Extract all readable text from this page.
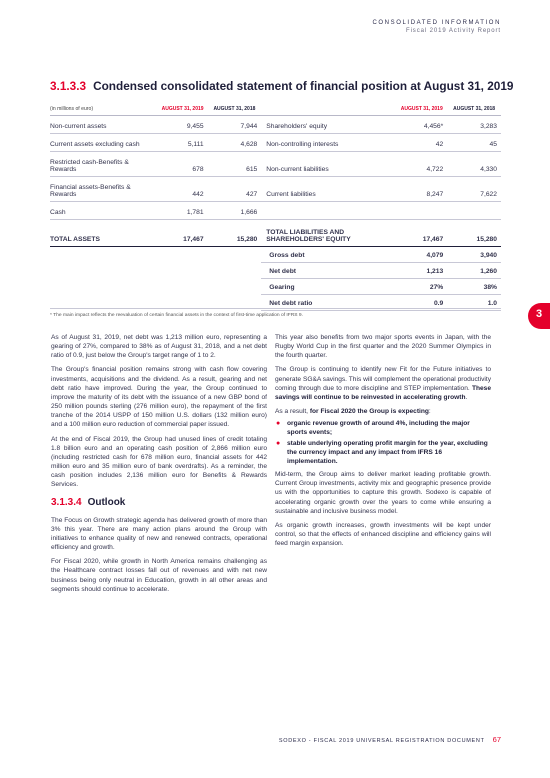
CONSOLIDATED INFORMATION
Fiscal 2019 Activity Report
3.1.3.3 Condensed consolidated statement of financial position at August 31, 2019
(in millions of euro)	AUGUST 31, 2019	AUGUST 31, 2018		AUGUST 31, 2019	AUGUST 31, 2018
Non-current assets	9,455	7,944	Shareholders' equity	4,456*	3,283
Current assets excluding cash	5,111	4,628	Non-controlling interests	42	45
Restricted cash-Benefits & Rewards	678	615	Non-current liabilities	4,722	4,330
Financial assets-Benefits & Rewards	442	427	Current liabilities	8,247	7,622
Cash	1,781	1,666			
TOTAL ASSETS	17,467	15,280	TOTAL LIABILITIES AND SHAREHOLDERS' EQUITY	17,467	15,280
			Gross debt	4,079	3,940
			Net debt	1,213	1,260
			Gearing	27%	38%
			Net debt ratio	0.9	1.0
* The main impact reflects the reevaluation of certain financial assets in the context of first-time application of IFRS 9.	3

As of August 31, 2019, net debt was 1,213 million euro, representing a gearing of 27%, compared to 38% as of August 31, 2018, and a net debt ratio of 0.9, just below the Group's target range of 1 to 2.

The Group's financial position remains strong with cash flow covering investments, acquisitions and the dividend. As a result, gearing and net debt ratio have improved. During the year, the Group continued to improve the maturity of its debt with the issuance of a new GBP bond of 250 million pounds sterling (276 million euro), the repayment of the first tranche of the 2014 USPP of 150 million U.S. dollars (132 million euro) and a 100 million euro reduction of commercial paper issued.

At the end of Fiscal 2019, the Group had unused lines of credit totaling 1.8 billion euro and an operating cash position of 2,866 million euro (including restricted cash for 678 million euro, financial assets for 442 million euro and 35 million euro of bank overdrafts). As a reminder, the cash position includes 2,136 million euro for Benefits & Rewards Services.

3.1.3.4 Outlook

The Focus on Growth strategic agenda has delivered growth of more than 3% this year. There are many action plans around the Group with initiatives to enhance quality of new and renewed contracts, operational efficiency and growth.

For Fiscal 2020, while growth in North America remains challenging as the Healthcare contract losses fall out of revenues and with net new business being only neutral in Education, growth in all other areas and segments should continue to accelerate.

This year also benefits from two major sports events in Japan, with the Rugby World Cup in the first quarter and the 2020 Summer Olympics in the fourth quarter.

The Group is continuing to identify new Fit for the Future initiatives to generate SG&A savings. This will complement the operational productivity coming through due to more discipline and STEP implementation. These savings will continue to be reinvested in accelerating growth.

As a result, for Fiscal 2020 the Group is expecting:

● organic revenue growth of around 4%, including the major sports events;
● stable underlying operating profit margin for the year, excluding the currency impact and any impact from IFRS 16 implementation.

Mid-term, the Group aims to deliver market leading profitable growth. Current Group investments, activity mix and geographic presence provide us with the opportunities to capture this growth. Sodexo is capable of accelerating organic growth over the years to come while ensuring a sustainable and inclusive business model.

As organic growth increases, growth investments will be kept under control, so that the effects of enhanced discipline and efficiency gains will feed margin expansion.

SODEXO - FISCAL 2019 UNIVERSAL REGISTRATION DOCUMENT 67
